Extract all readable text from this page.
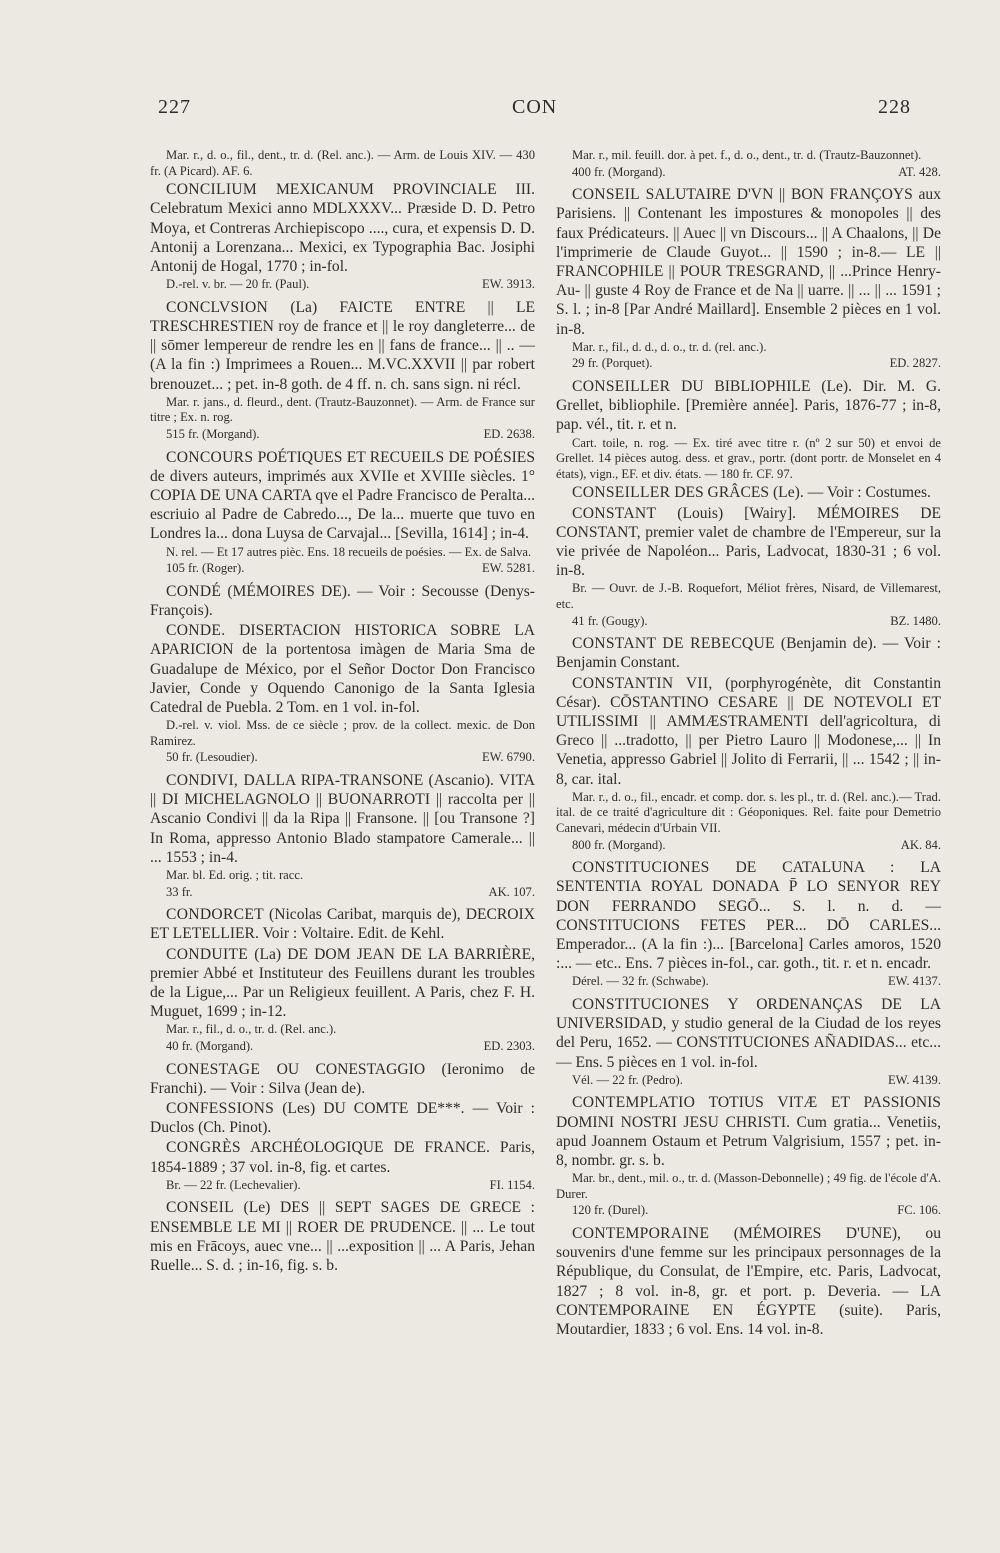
227	CON	228
Mar. r., d. o., fil., dent., tr. d. (Rel. anc.). — Arm. de Louis XIV. — 430 fr. (A Picard). AF. 6.
CONCILIUM MEXICANUM PROVINCIALE III. Celebratum Mexici anno MDLXXXV... Præside D. D. Petro Moya, et Contreras Archiepiscopo ...., cura, et expensis D. D. Antonij a Lorenzana... Mexici, ex Typographia Bac. Josiphi Antonij de Hogal, 1770 ; in-fol.
D.-rel. v. br. — 20 fr. (Paul).	EW. 3913.
CONCLVSION (La) FAICTE ENTRE || LE TRESCHRESTIEN roy de france et || le roy dangleterre... de || sōmer lempereur de rendre les en || fans de france... || .. — (A la fin :) Imprimees a Rouen... M.VC.XXVII || par robert brenouzet... ; pet. in-8 goth. de 4 ff. n. ch. sans sign. ni récl.
Mar. r. jans., d. fleurd., dent. (Trautz-Bauzonnet). — Arm. de France sur titre ; Ex. n. rog.
515 fr. (Morgand).	ED. 2638.
CONCOURS POÉTIQUES ET RECUEILS DE POÉSIES de divers auteurs, imprimés aux XVIIe et XVIIIe siècles. 1° COPIA DE UNA CARTA qve el Padre Francisco de Peralta... escriuio al Padre de Cabredo..., De la... muerte que tuvo en Londres la... dona Luysa de Carvajal... [Sevilla, 1614] ; in-4.
N. rel. — Et 17 autres pièc. Ens. 18 recueils de poésies. — Ex. de Salva.
105 fr. (Roger).	EW. 5281.
CONDÉ (MÉMOIRES DE). — Voir : Secousse (Denys-François).
CONDE. DISERTACION HISTORICA SOBRE LA APARICION de la portentosa imàgen de Maria Sma de Guadalupe de México, por el Señor Doctor Don Francisco Javier, Conde y Oquendo Canonigo de la Santa Iglesia Catedral de Puebla. 2 Tom. en 1 vol. in-fol.
D.-rel. v. viol. Mss. de ce siècle ; prov. de la collect. mexic. de Don Ramirez.
50 fr. (Lesoudier).	EW. 6790.
CONDIVI, DALLA RIPA-TRANSONE (Ascanio). VITA || DI MICHELAGNOLO || BUONARROTI || raccolta per || Ascanio Condivi || da la Ripa || Fransone. || [ou Transone ?] In Roma, appresso Antonio Blado stampatore Camerale... || ... 1553 ; in-4.
Mar. bl. Ed. orig. ; tit. racc.
33 fr.	AK. 107.
CONDORCET (Nicolas Caribat, marquis de), DECROIX ET LETELLIER. Voir : Voltaire. Edit. de Kehl.
CONDUITE (La) DE DOM JEAN DE LA BARRIÈRE, premier Abbé et Instituteur des Feuillens durant les troubles de la Ligue,... Par un Religieux feuillent. A Paris, chez F. H. Muguet, 1699 ; in-12.
Mar. r., fil., d. o., tr. d. (Rel. anc.).
40 fr. (Morgand).	ED. 2303.
CONESTAGE OU CONESTAGGIO (Ieronimo de Franchi). — Voir : Silva (Jean de).
CONFESSIONS (Les) DU COMTE DE***. — Voir : Duclos (Ch. Pinot).
CONGRÈS ARCHÉOLOGIQUE DE FRANCE. Paris, 1854-1889 ; 37 vol. in-8, fig. et cartes.
Br. — 22 fr. (Lechevalier).	FI. 1154.
CONSEIL (Le) DES || SEPT SAGES DE GRECE : ENSEMBLE LE MI || ROER DE PRUDENCE. || ... Le tout mis en Frācoys, auec vne... || ...exposition || ... A Paris, Jehan Ruelle... S. d. ; in-16, fig. s. b.
Mar. r., mil. feuill. dor. à pet. f., d. o., dent., tr. d. (Trautz-Bauzonnet).
400 fr. (Morgand).	AT. 428.
CONSEIL SALUTAIRE D'VN || BON FRANÇOYS aux Parisiens. || Contenant les impostures & monopoles || des faux Prédicateurs. || Auec || vn Discours... || A Chaalons, || De l'imprimerie de Claude Guyot... || 1590 ; in-8.— LE || FRANCOPHILE || POUR TRESGRAND, || ...Prince Henry-Au- || guste 4 Roy de France et de Na || uarre. || ... || ... 1591 ; S. l. ; in-8 [Par André Maillard]. Ensemble 2 pièces en 1 vol. in-8.
Mar. r., fil., d. d., d. o., tr. d. (rel. anc.).
29 fr. (Porquet).	ED. 2827.
CONSEILLER DU BIBLIOPHILE (Le). Dir. M. G. Grellet, bibliophile. [Première année]. Paris, 1876-77 ; in-8, pap. vél., tit. r. et n.
Cart. toile, n. rog. — Ex. tiré avec titre r. (nº 2 sur 50) et envoi de Grellet. 14 pièces autog. dess. et grav., portr. (dont portr. de Monselet en 4 états), vign., EF. et div. états. — 180 fr. CF. 97.
CONSEILLER DES GRÂCES (Le). — Voir : Costumes.
CONSTANT (Louis) [Wairy]. MÉMOIRES DE CONSTANT, premier valet de chambre de l'Empereur, sur la vie privée de Napoléon... Paris, Ladvocat, 1830-31 ; 6 vol. in-8.
Br. — Ouvr. de J.-B. Roquefort, Méliot frères, Nisard, de Villemarest, etc.
41 fr. (Gougy).	BZ. 1480.
CONSTANT DE REBECQUE (Benjamin de). — Voir : Benjamin Constant.
CONSTANTIN VII, (porphyrogénète, dit Constantin César). CŌSTANTINO CESARE || DE NOTEVOLI ET UTILISSIMI || AMMÆSTRAMENTI dell'agricoltura, di Greco || ...tradotto, || per Pietro Lauro || Modonese,... || In Venetia, appresso Gabriel || Jolito di Ferrarii, || ... 1542 ; || in-8, car. ital.
Mar. r., d. o., fil., encadr. et comp. dor. s. les pl., tr. d. (Rel. anc.).— Trad. ital. de ce traité d'agriculture dit : Géoponiques. Rel. faite pour Demetrio Canevari, médecin d'Urbain VII.
800 fr. (Morgand).	AK. 84.
CONSTITUCIONES DE CATALUNA : LA SENTENTIA ROYAL DONADA P̄ LO SENYOR REY DON FERRANDO SEGŌ... S. l. n. d. — CONSTITUCIONS FETES PER... DŌ CARLES... Emperador... (A la fin :)... [Barcelona] Carles amoros, 1520 :... — etc.. Ens. 7 pièces in-fol., car. goth., tit. r. et n. encadr.
Dérel. — 32 fr. (Schwabe).	EW. 4137.
CONSTITUCIONES Y ORDENANÇAS DE LA UNIVERSIDAD, y studio general de la Ciudad de los reyes del Peru, 1652. — CONSTITUCIONES AÑADIDAS... etc... — Ens. 5 pièces en 1 vol. in-fol.
Vél. — 22 fr. (Pedro).	EW. 4139.
CONTEMPLATIO TOTIUS VITÆ ET PASSIONIS DOMINI NOSTRI JESU CHRISTI. Cum gratia... Venetiis, apud Joannem Ostaum et Petrum Valgrisium, 1557 ; pet. in-8, nombr. gr. s. b.
Mar. br., dent., mil. o., tr. d. (Masson-Debonnelle) ; 49 fig. de l'école d'A. Durer.
120 fr. (Durel).	FC. 106.
CONTEMPORAINE (MÉMOIRES D'UNE), ou souvenirs d'une femme sur les principaux personnages de la République, du Consulat, de l'Empire, etc. Paris, Ladvocat, 1827 ; 8 vol. in-8, gr. et port. p. Deveria. — LA CONTEMPORAINE EN ÉGYPTE (suite). Paris, Moutardier, 1833 ; 6 vol. Ens. 14 vol. in-8.
